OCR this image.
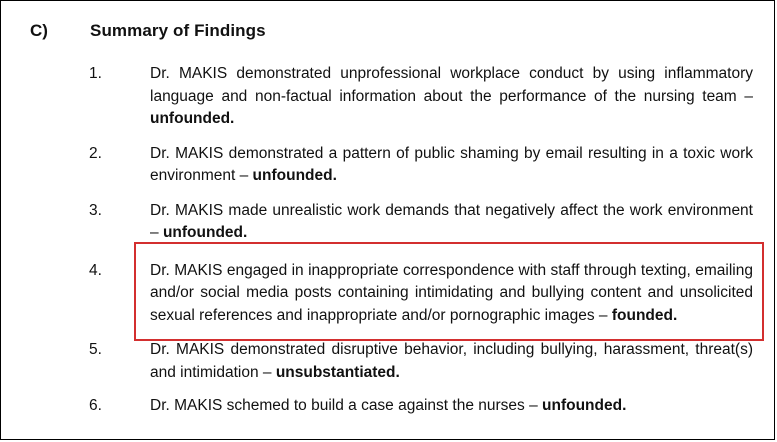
C)	Summary of Findings
1.	Dr. MAKIS demonstrated unprofessional workplace conduct by using inflammatory language and non-factual information about the performance of the nursing team – unfounded.
2.	Dr. MAKIS demonstrated a pattern of public shaming by email resulting in a toxic work environment – unfounded.
3.	Dr. MAKIS made unrealistic work demands that negatively affect the work environment – unfounded.
4.	Dr. MAKIS engaged in inappropriate correspondence with staff through texting, emailing and/or social media posts containing intimidating and bullying content and unsolicited sexual references and inappropriate and/or pornographic images – founded.
5.	Dr. MAKIS demonstrated disruptive behavior, including bullying, harassment, threat(s) and intimidation – unsubstantiated.
6.	Dr. MAKIS schemed to build a case against the nurses – unfounded.
